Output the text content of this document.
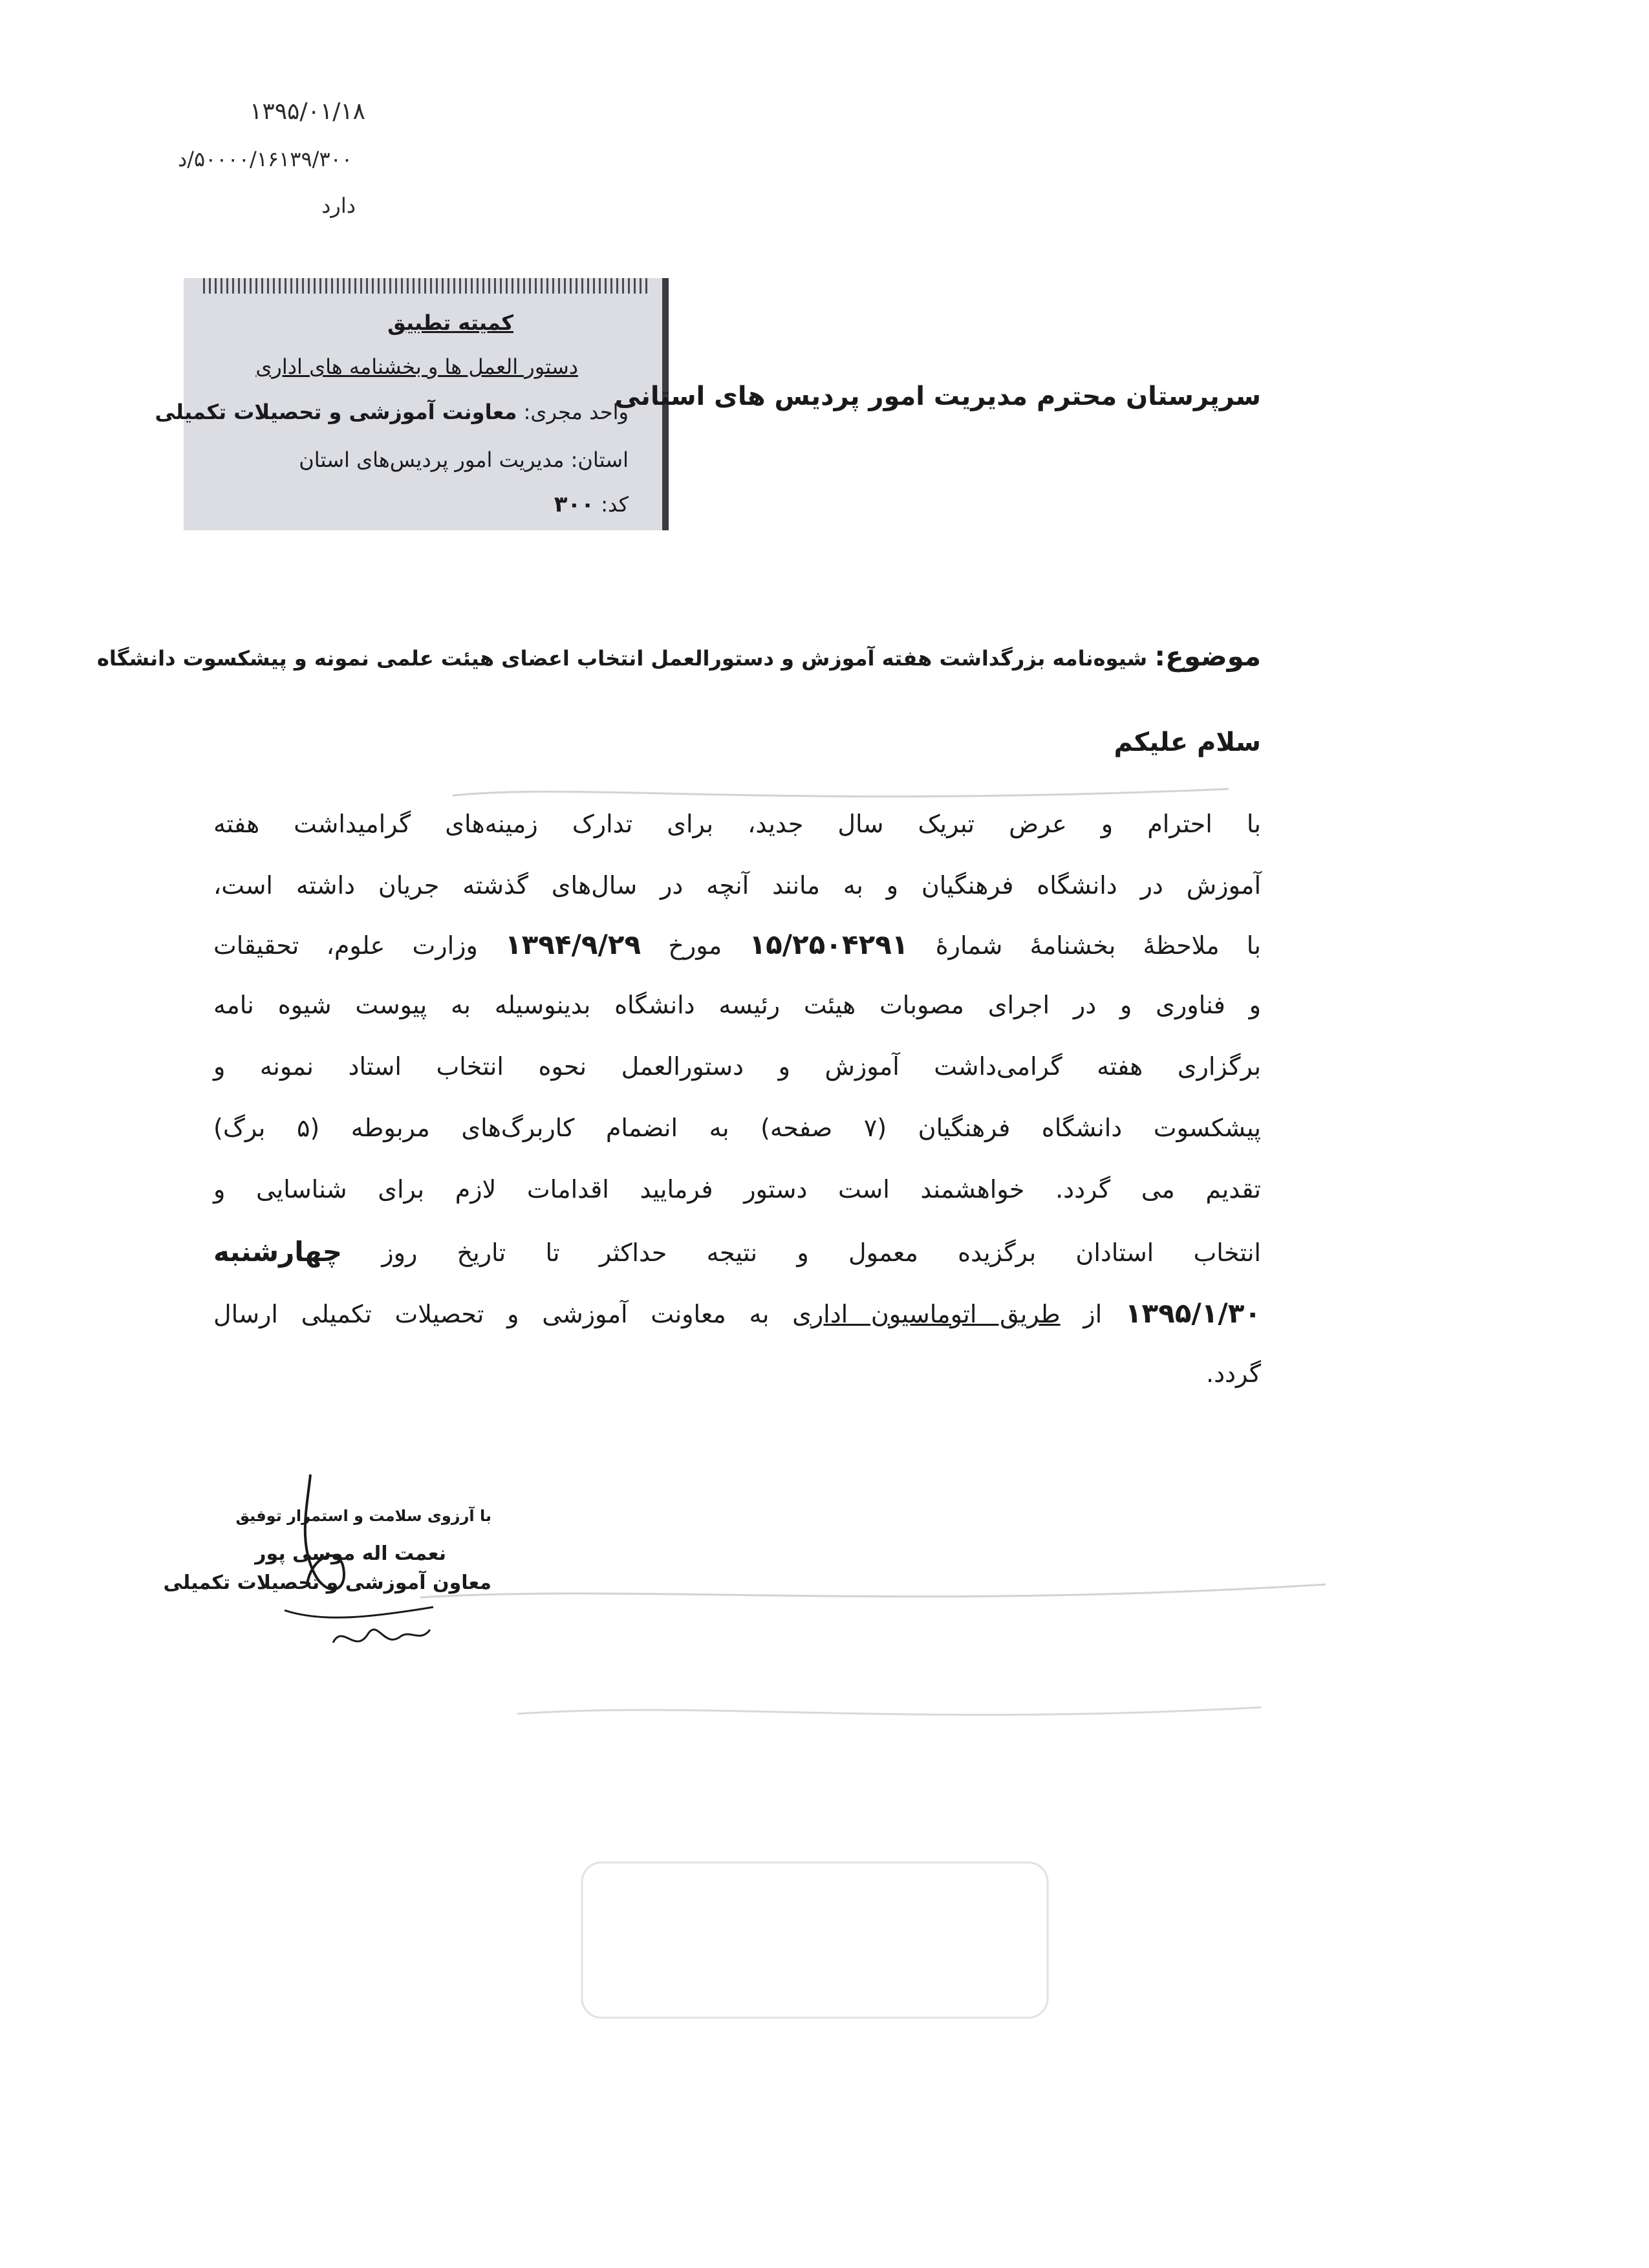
۱۳۹۵/۰۱/۱۸
۵۰۰۰۰/۱۶۱۳۹/۳۰۰/د
دارد
کمیته تطبیق
دستور العمل ها و بخشنامه های اداری
واحد مجری: معاونت آموزشی و تحصیلات تکمیلی
استان: مدیریت امور پردیس‌های استان
کد: ۳۰۰
سرپرستان محترم مدیریت امور پردیس های استانی
موضوع: شیوه‌نامه بزرگداشت هفته آموزش و دستورالعمل انتخاب اعضای هیئت علمی نمونه و پیشکسوت دانشگاه
سلام علیکم
با احترام و عرض تبریک سال جدید، برای تدارک زمینه‌های گرامیداشت هفته
آموزش در دانشگاه فرهنگیان و به مانند آنچه در سال‌های گذشته جریان داشته است،
با ملاحظهٔ بخشنامهٔ شمارهٔ ۱۵/۲۵۰۴۲۹۱ مورخ ۱۳۹۴/۹/۲۹ وزارت علوم، تحقیقات
و فناوری و در اجرای مصوبات هیئت رئیسه دانشگاه بدینوسیله به پیوست شیوه نامه
برگزاری هفته گرامی‌داشت آموزش و دستورالعمل نحوه انتخاب استاد نمونه و
پیشکسوت دانشگاه فرهنگیان (۷ صفحه) به انضمام کاربرگ‌های مربوطه (۵ برگ)
تقدیم می گردد. خواهشمند است دستور فرمایید اقدامات لازم برای شناسایی و
انتخاب استادان برگزیده معمول و نتیجه حداکثر تا تاریخ روز چهارشنبه
۱۳۹۵/۱/۳۰ از طریق اتوماسیون اداری به معاونت آموزشی و تحصیلات تکمیلی ارسال
گردد.
با آرزوی سلامت و استمرار توفیق
نعمت اله موسی پور
معاون آموزشی و تحصیلات تکمیلی
